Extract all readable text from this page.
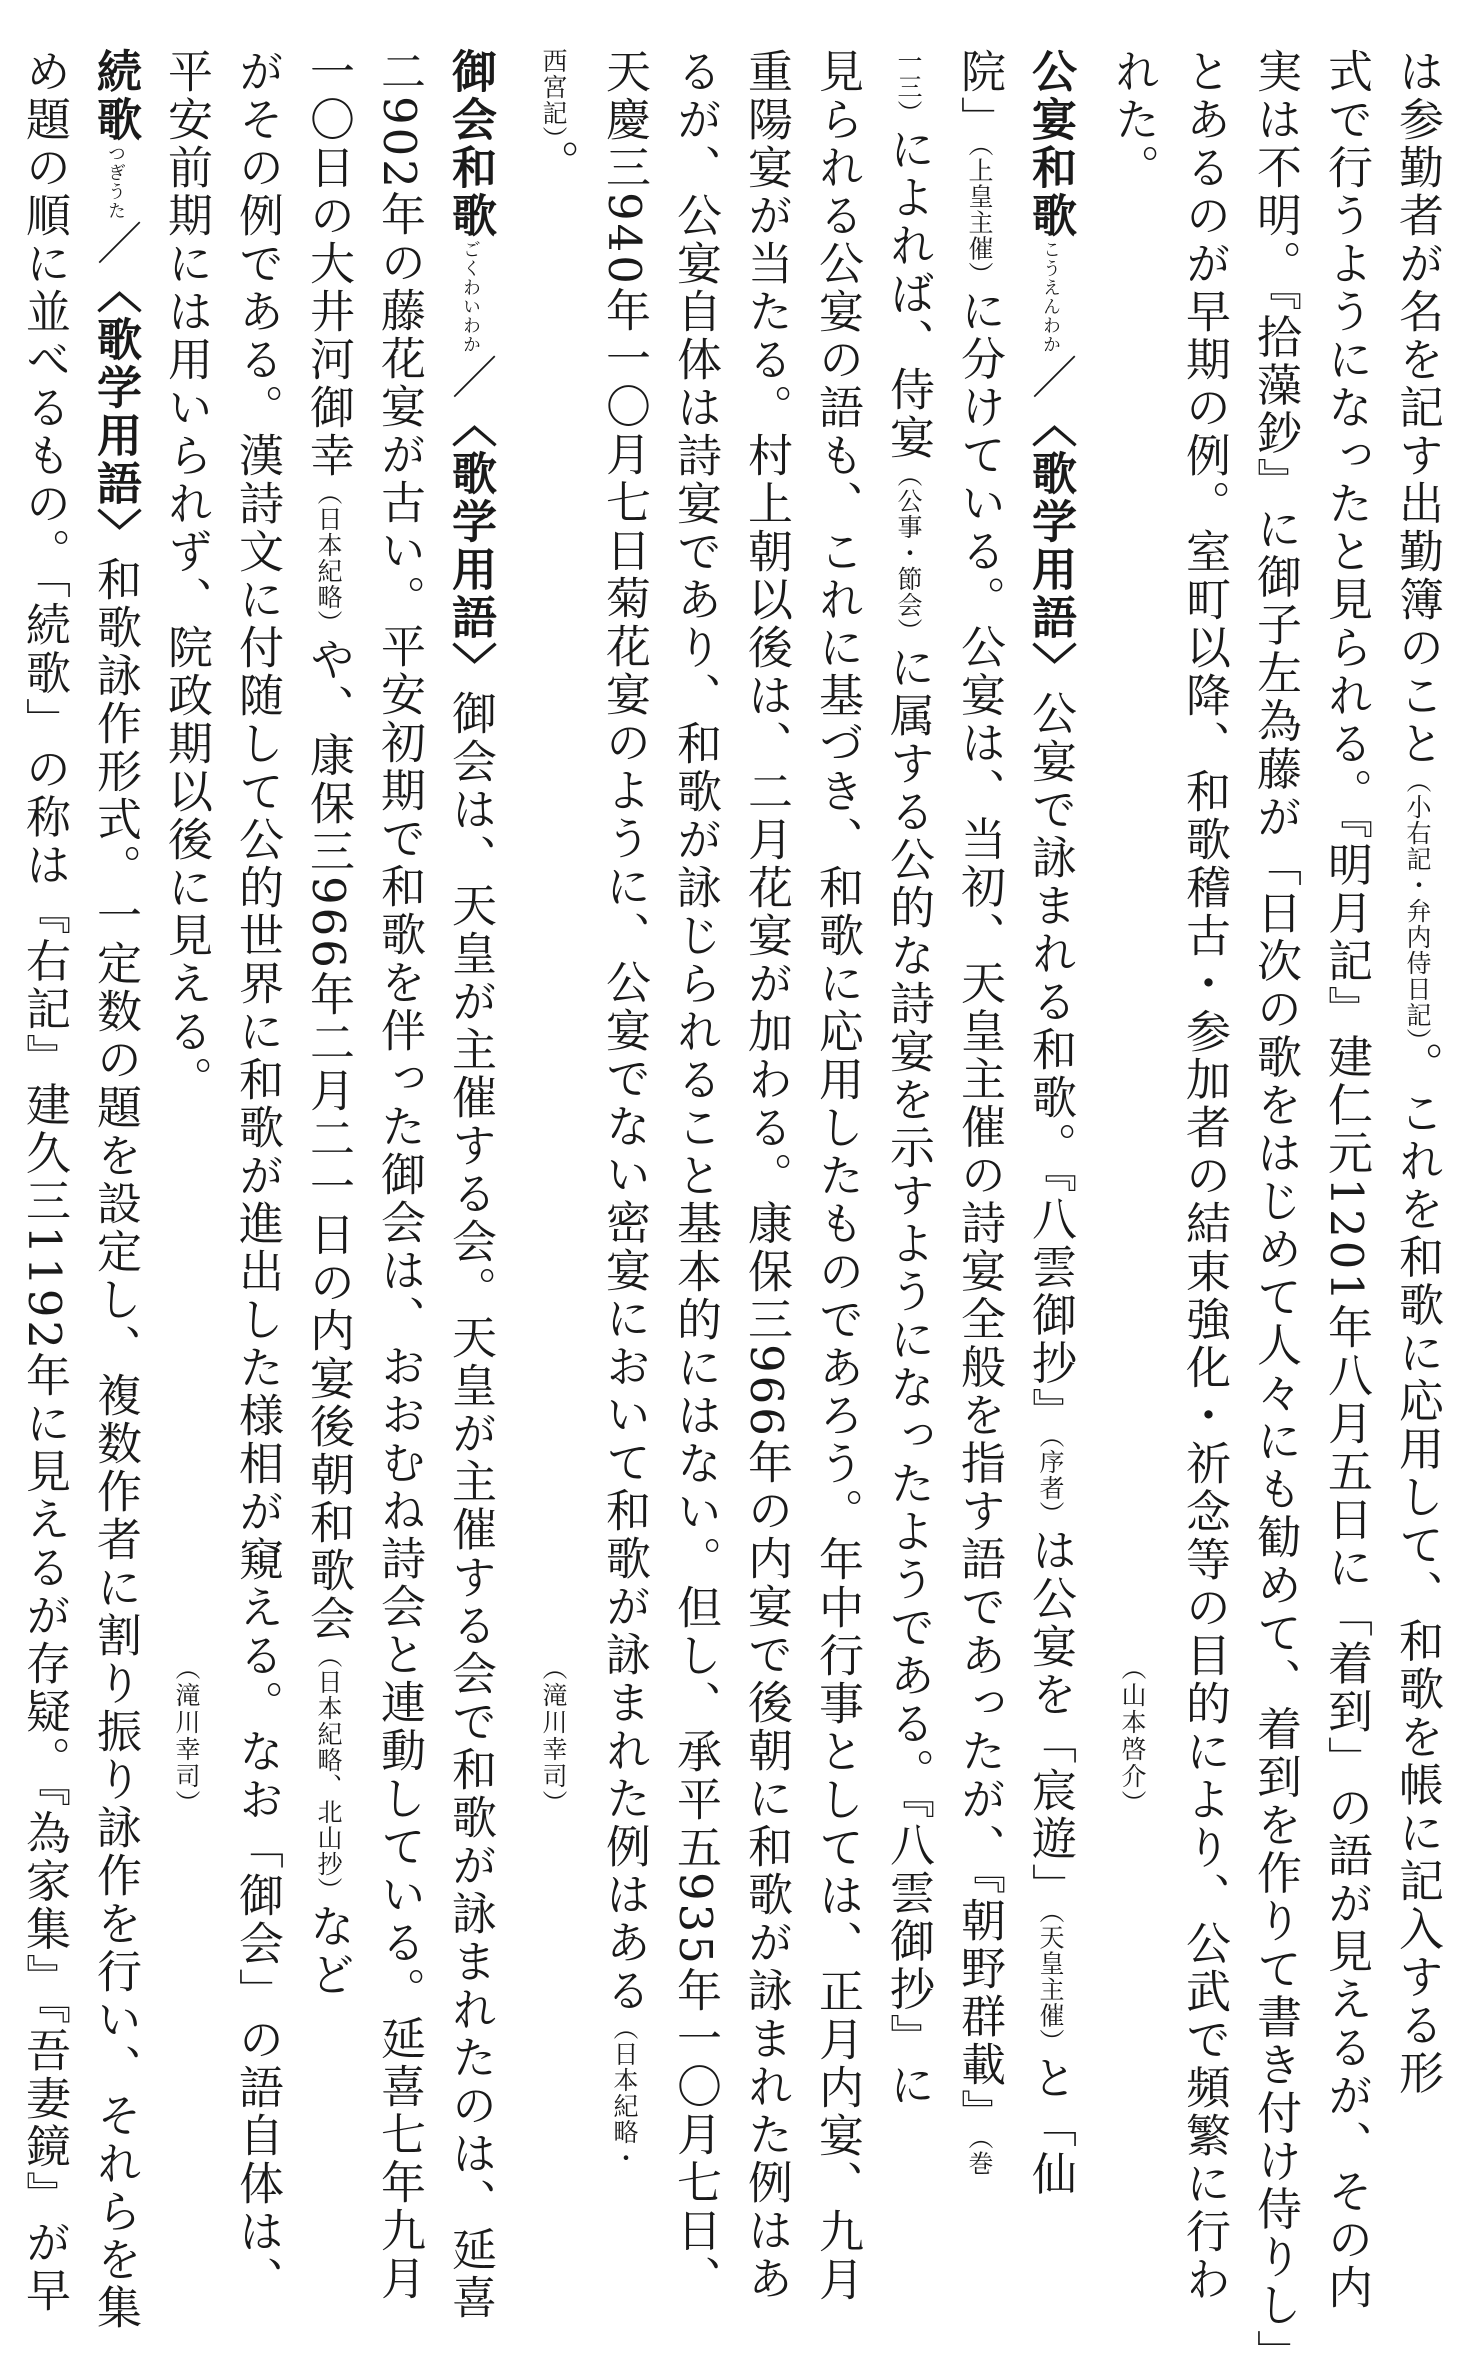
は参勤者が名を記す出勤簿のこと（小右記・弁内侍日記）。これを和歌に応用して、和歌を帳に記入する形
式で行うようになったと見られる。『明月記』建仁元1201年八月五日に「着到」の語が見えるが、その内
実は不明。『拾藻鈔』に御子左為藤が「日次の歌をはじめて人々にも勧めて、着到を作りて書き付け侍りし」
とあるのが早期の例。室町以降、和歌稽古・参加者の結束強化・祈念等の目的により、公武で頻繁に行わ
れた。
公宴和歌こうえんわか／〈歌学用語〉公宴で詠まれる和歌。『八雲御抄』（序者）は公宴を「宸遊」（天皇主催）と「仙
院」（上皇主催）に分けている。公宴は、当初、天皇主催の詩宴全般を指す語であったが、『朝野群載』（巻
一三）によれば、侍宴（公事・節会）に属する公的な詩宴を示すようになったようである。『八雲御抄』に
見られる公宴の語も、これに基づき、和歌に応用したものであろう。年中行事としては、正月内宴、九月
重陽宴が当たる。村上朝以後は、二月花宴が加わる。康保三966年の内宴で後朝に和歌が詠まれた例はあ
るが、公宴自体は詩宴であり、和歌が詠じられること基本的にはない。但し、承平五935年一〇月七日、
天慶三940年一〇月七日菊花宴のように、公宴でない密宴において和歌が詠まれた例はある（日本紀略・
西宮記）。
御会和歌ごくわいわか／〈歌学用語〉御会は、天皇が主催する会。天皇が主催する会で和歌が詠まれたのは、延喜
二902年の藤花宴が古い。平安初期で和歌を伴った御会は、おおむね詩会と連動している。延喜七年九月
一〇日の大井河御幸（日本紀略）や、康保三966年二月二一日の内宴後朝和歌会（日本紀略、北山抄）など
がその例である。漢詩文に付随して公的世界に和歌が進出した様相が窺える。なお「御会」の語自体は、
平安前期には用いられず、院政期以後に見える。
続歌つぎうた／〈歌学用語〉和歌詠作形式。一定数の題を設定し、複数作者に割り振り詠作を行い、それらを集
め題の順に並べるもの。「続歌」の称は『右記』建久三1192年に見えるが存疑。『為家集』『吾妻鏡』が早	（山本啓介）
（滝川幸司）
（滝川幸司）
